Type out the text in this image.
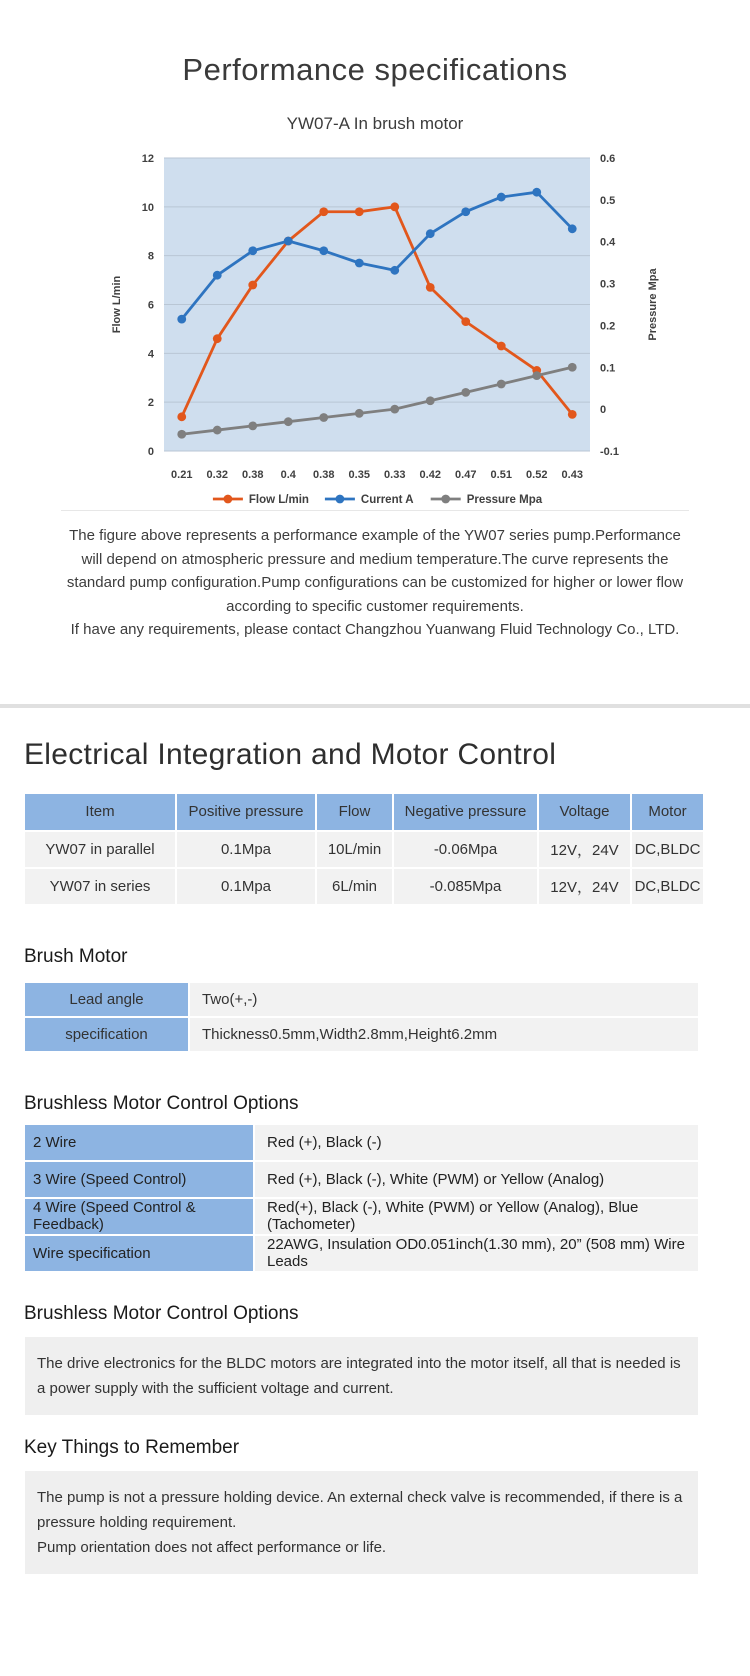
Performance specifications
YW07-A In brush motor
12
10
8
6
4
2
0
0.6
0.5
0.4
0.3
0.2
0.1
0
-0.1
0.21 0.32 0.38 0.4 0.38 0.35 0.33 0.42 0.47 0.51 0.52 0.43
Flow L/min	Pressure Mpa
Flow L/min	Current A	Pressure Mpa
The figure above represents a performance example of the YW07 series pump.Performance will depend on atmospheric pressure and medium temperature.The curve represents the standard pump configuration.Pump configurations can be customized for higher or lower flow according to specific customer requirements.
If have any requirements, please contact Changzhou Yuanwang Fluid Technology Co., LTD.
Electrical Integration and Motor Control
Item	Positive pressure	Flow	Negative pressure	Voltage	Motor
YW07 in parallel	0.1Mpa	10L/min	-0.06Mpa	12V，24V	DC,BLDC
YW07 in series	0.1Mpa	6L/min	-0.085Mpa	12V，24V	DC,BLDC
Brush Motor
Lead angle	Two(+,-)
specification	Thickness0.5mm,Width2.8mm,Height6.2mm
Brushless Motor Control Options
2 Wire	Red (+), Black (-)
3 Wire (Speed Control)	Red (+), Black (-), White (PWM) or Yellow (Analog)
4 Wire (Speed Control & Feedback)	Red(+), Black (-), White (PWM) or Yellow (Analog), Blue (Tachometer)
Wire specification	22AWG, Insulation OD0.051inch(1.30 mm), 20” (508 mm) Wire Leads
Brushless Motor Control Options
The drive electronics for the BLDC motors are integrated into the motor itself, all that is needed is a power supply with the sufficient voltage and current.
Key Things to Remember
The pump is not a pressure holding device. An external check valve is recommended, if there is a pressure holding requirement.
Pump orientation does not affect performance or life.
